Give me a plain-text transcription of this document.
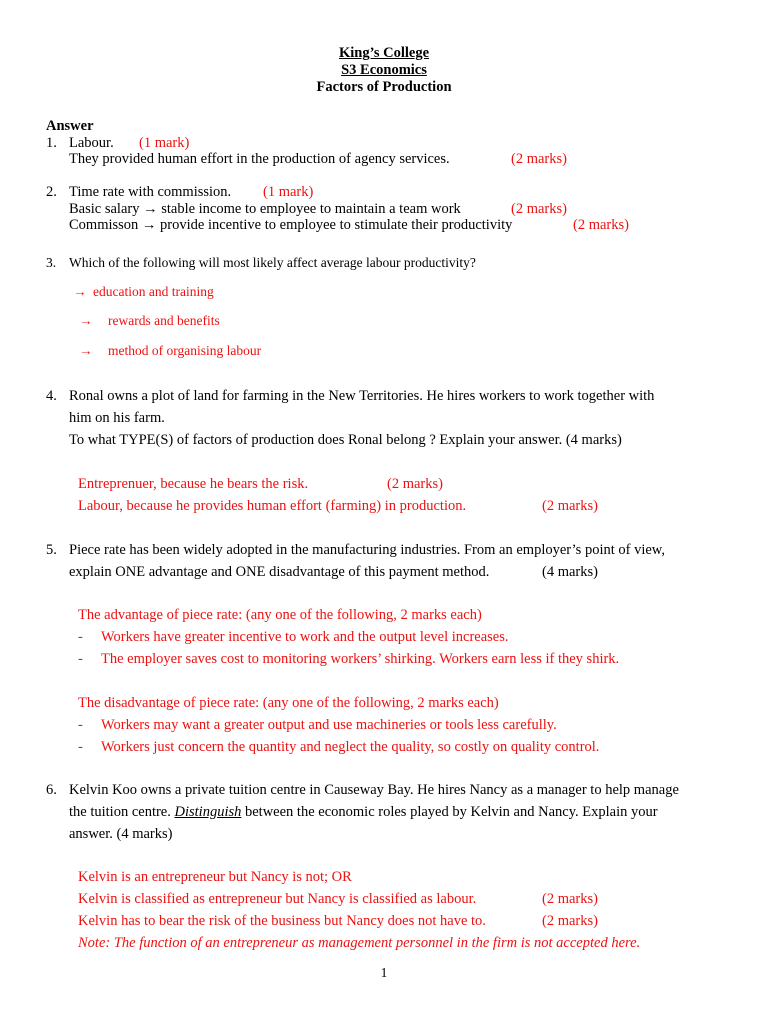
King’s College
S3 Economics
Factors of Production
Answer
1. Labour. (1 mark)
They provided human effort in the production of agency services.	(2 marks)
2. Time rate with commission. (1 mark)
Basic salary → stable income to employee to maintain a team work	(2 marks)
Commisson → provide incentive to employee to stimulate their productivity	(2 marks)
3. Which of the following will most likely affect average labour productivity?
→ education and training
→ rewards and benefits
→ method of organising labour
4. Ronal owns a plot of land for farming in the New Territories. He hires workers to work together with
him on his farm.
To what TYPE(S) of factors of production does Ronal belong ? Explain your answer. (4 marks)
Entreprenuer, because he bears the risk.	(2 marks)
Labour, because he provides human effort (farming) in production.	(2 marks)
5. Piece rate has been widely adopted in the manufacturing industries. From an employer’s point of view,
explain ONE advantage and ONE disadvantage of this payment method.	(4 marks)
The advantage of piece rate: (any one of the following, 2 marks each)
- Workers have greater incentive to work and the output level increases.
- The employer saves cost to monitoring workers’ shirking. Workers earn less if they shirk.
The disadvantage of piece rate: (any one of the following, 2 marks each)
- Workers may want a greater output and use machineries or tools less carefully.
- Workers just concern the quantity and neglect the quality, so costly on quality control.
6. Kelvin Koo owns a private tuition centre in Causeway Bay. He hires Nancy as a manager to help manage
the tuition centre. Distinguish between the economic roles played by Kelvin and Nancy. Explain your
answer. (4 marks)
Kelvin is an entrepreneur but Nancy is not; OR
Kelvin is classified as entrepreneur but Nancy is classified as labour.	(2 marks)
Kelvin has to bear the risk of the business but Nancy does not have to.	(2 marks)
Note: The function of an entrepreneur as management personnel in the firm is not accepted here.
1
